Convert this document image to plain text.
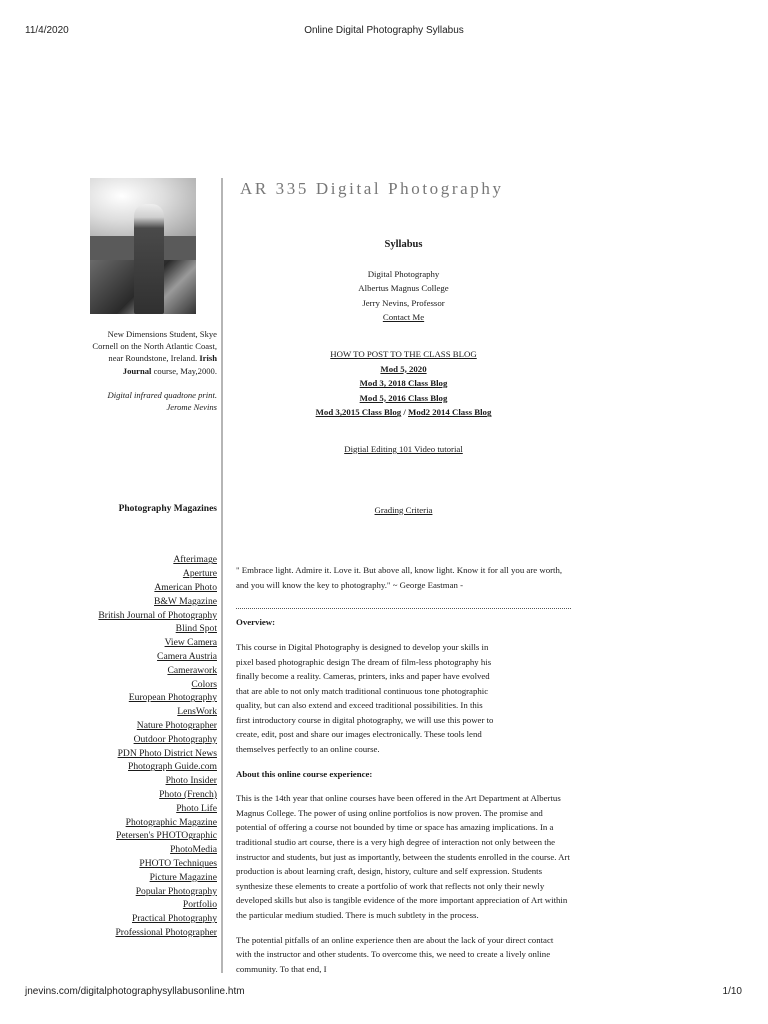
11/4/2020	Online Digital Photography Syllabus
New Dimensions Student, Skye Cornell on the North Atlantic Coast, near Roundstone, Ireland. Irish Journal course, May,2000.
Digital infrared quadtone print.
Jerome Nevins
Photography Magazines
Afterimage
Aperture
American Photo
B&W Magazine
British Journal of Photography
Blind Spot
View Camera
Camera Austria
Camerawork
Colors
European Photography
LensWork
Nature Photographer
Outdoor Photography
PDN Photo District News
Photograph Guide.com
Photo Insider
Photo (French)
Photo Life
Photographic Magazine
Petersen's PHOTOgraphic
PhotoMedia
PHOTO Techniques
Picture Magazine
Popular Photography
Portfolio
Practical Photography
Professional Photographer
AR 335 Digital Photography
Syllabus
Digital Photography
Albertus Magnus College
Jerry Nevins, Professor
Contact Me
HOW TO POST TO THE CLASS BLOG
Mod 5, 2020
Mod 3, 2018 Class Blog
Mod 5, 2016 Class Blog
Mod 3,2015 Class Blog / Mod2 2014 Class Blog
Digtial Editing 101 Video tutorial
Grading Criteria
" Embrace light. Admire it. Love it. But above all, know light. Know it for all you are worth, and you will know the key to photography." ~ George Eastman -
Overview:
This course in Digital Photography is designed to develop your skills in pixel based photographic design The dream of film-less photography his finally become a reality. Cameras, printers, inks and paper have evolved that are able to not only match traditional continuous tone photographic quality, but can also extend and exceed traditional possibilities. In this first introductory course in digital photography, we will use this power to create, edit, post and share our images electronically. These tools lend themselves perfectly to an online course.
About this online course experience:
This is the 14th year that online courses have been offered in the Art Department at Albertus Magnus College. The power of using online portfolios is now proven. The promise and potential of offering a course not bounded by time or space has amazing implications. In a traditional studio art course, there is a very high degree of interaction not only between the instructor and students, but just as importantly, between the students enrolled in the course. Art production is about learning craft, design, history, culture and self expression. Students synthesize these elements to create a portfolio of work that reflects not only their newly developed skills but also is tangible evidence of the more important appreciation of Art within the particular medium studied. There is much subtlety in the process.
The potential pitfalls of an online experience then are about the lack of your direct contact with the instructor and other students. To overcome this, we need to create a lively online community. To that end, I
jnevins.com/digitalphotographysyllabusonline.htm	1/10
